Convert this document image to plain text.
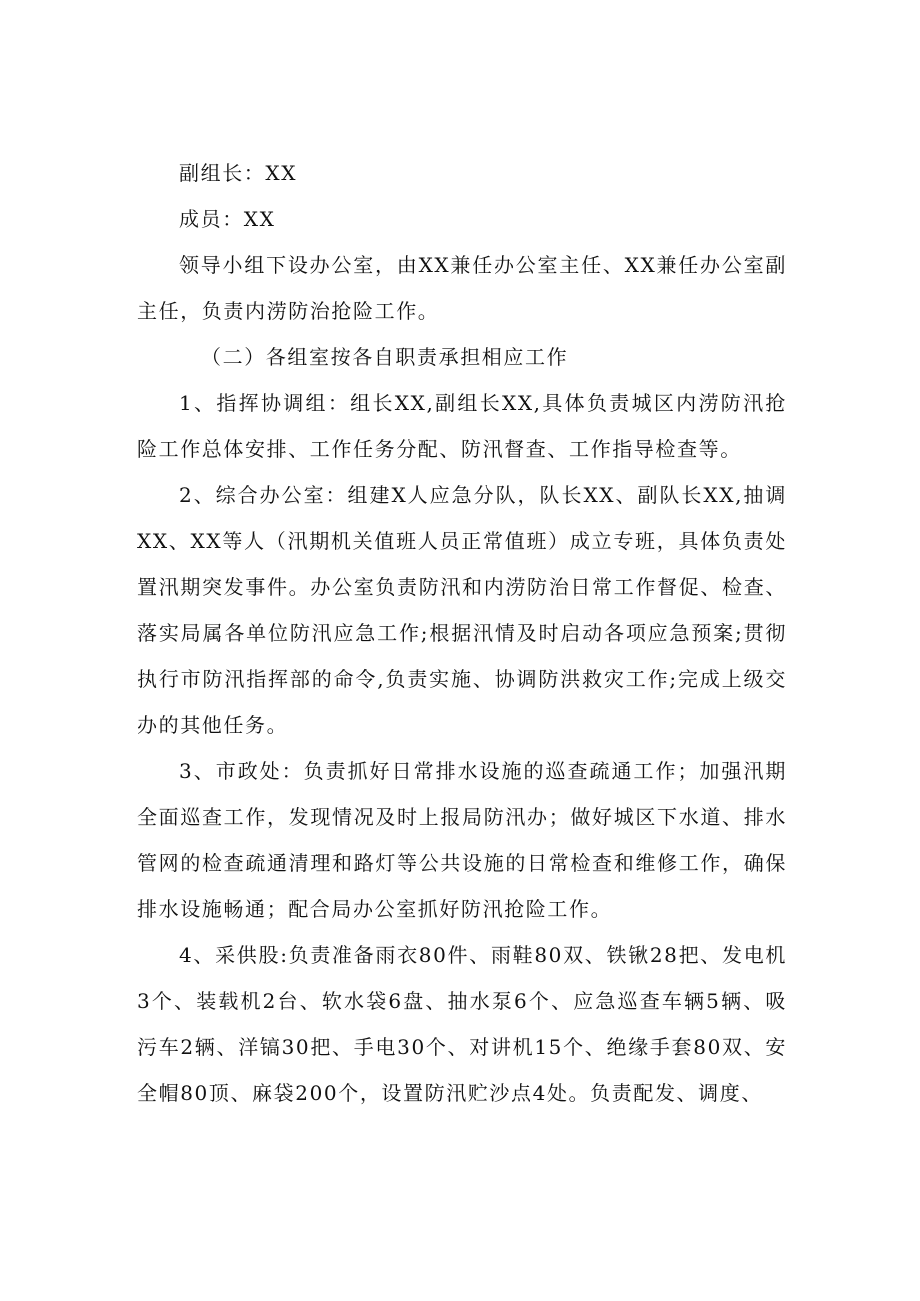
副组长：XX

成员：XX

领导小组下设办公室，由XX兼任办公室主任、XX兼任办公室副主任，负责内涝防治抢险工作。

（二）各组室按各自职责承担相应工作

1、指挥协调组：组长XX,副组长XX,具体负责城区内涝防汛抢险工作总体安排、工作任务分配、防汛督查、工作指导检查等。

2、综合办公室：组建X人应急分队，队长XX、副队长XX,抽调XX、XX等人（汛期机关值班人员正常值班）成立专班，具体负责处置汛期突发事件。办公室负责防汛和内涝防治日常工作督促、检查、落实局属各单位防汛应急工作;根据汛情及时启动各项应急预案;贯彻执行市防汛指挥部的命令,负责实施、协调防洪救灾工作;完成上级交办的其他任务。

3、市政处：负责抓好日常排水设施的巡查疏通工作；加强汛期全面巡查工作，发现情况及时上报局防汛办；做好城区下水道、排水管网的检查疏通清理和路灯等公共设施的日常检查和维修工作，确保排水设施畅通；配合局办公室抓好防汛抢险工作。

4、采供股:负责准备雨衣80件、雨鞋80双、铁锹28把、发电机3个、装载机2台、软水袋6盘、抽水泵6个、应急巡查车辆5辆、吸污车2辆、洋镐30把、手电30个、对讲机15个、绝缘手套80双、安全帽80顶、麻袋200个，设置防汛贮沙点4处。负责配发、调度、
